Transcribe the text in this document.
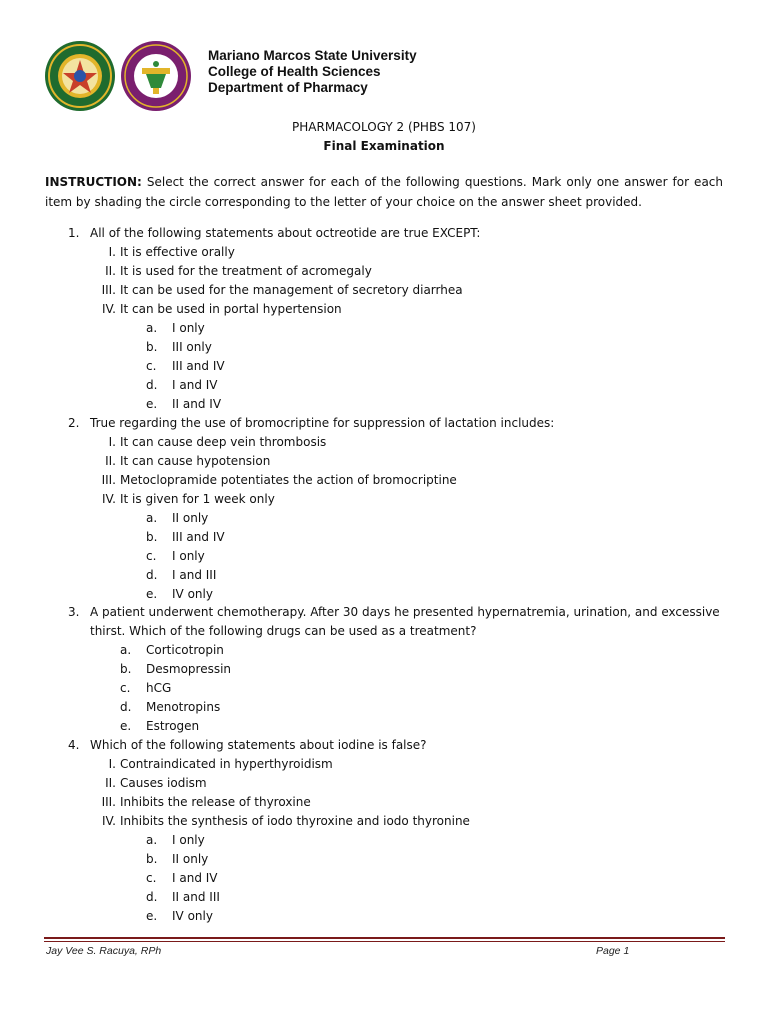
Mariano Marcos State University
College of Health Sciences
Department of Pharmacy
PHARMACOLOGY 2 (PHBS 107)
Final Examination
INSTRUCTION: Select the correct answer for each of the following questions. Mark only one answer for each item by shading the circle corresponding to the letter of your choice on the answer sheet provided.
1. All of the following statements about octreotide are true EXCEPT:
I. It is effective orally
II. It is used for the treatment of acromegaly
III. It can be used for the management of secretory diarrhea
IV. It can be used in portal hypertension
a. I only
b. III only
c. III and IV
d. I and IV
e. II and IV
2. True regarding the use of bromocriptine for suppression of lactation includes:
I. It can cause deep vein thrombosis
II. It can cause hypotension
III. Metoclopramide potentiates the action of bromocriptine
IV. It is given for 1 week only
a. II only
b. III and IV
c. I only
d. I and III
e. IV only
3. A patient underwent chemotherapy. After 30 days he presented hypernatremia, urination, and excessive
thirst. Which of the following drugs can be used as a treatment?
a. Corticotropin
b. Desmopressin
c. hCG
d. Menotropins
e. Estrogen
4. Which of the following statements about iodine is false?
I. Contraindicated in hyperthyroidism
II. Causes iodism
III. Inhibits the release of thyroxine
IV. Inhibits the synthesis of iodo thyroxine and iodo thyronine
a. I only
b. II only
c. I and IV
d. II and III
e. IV only
Jay Vee S. Racuya, RPh	Page 1
